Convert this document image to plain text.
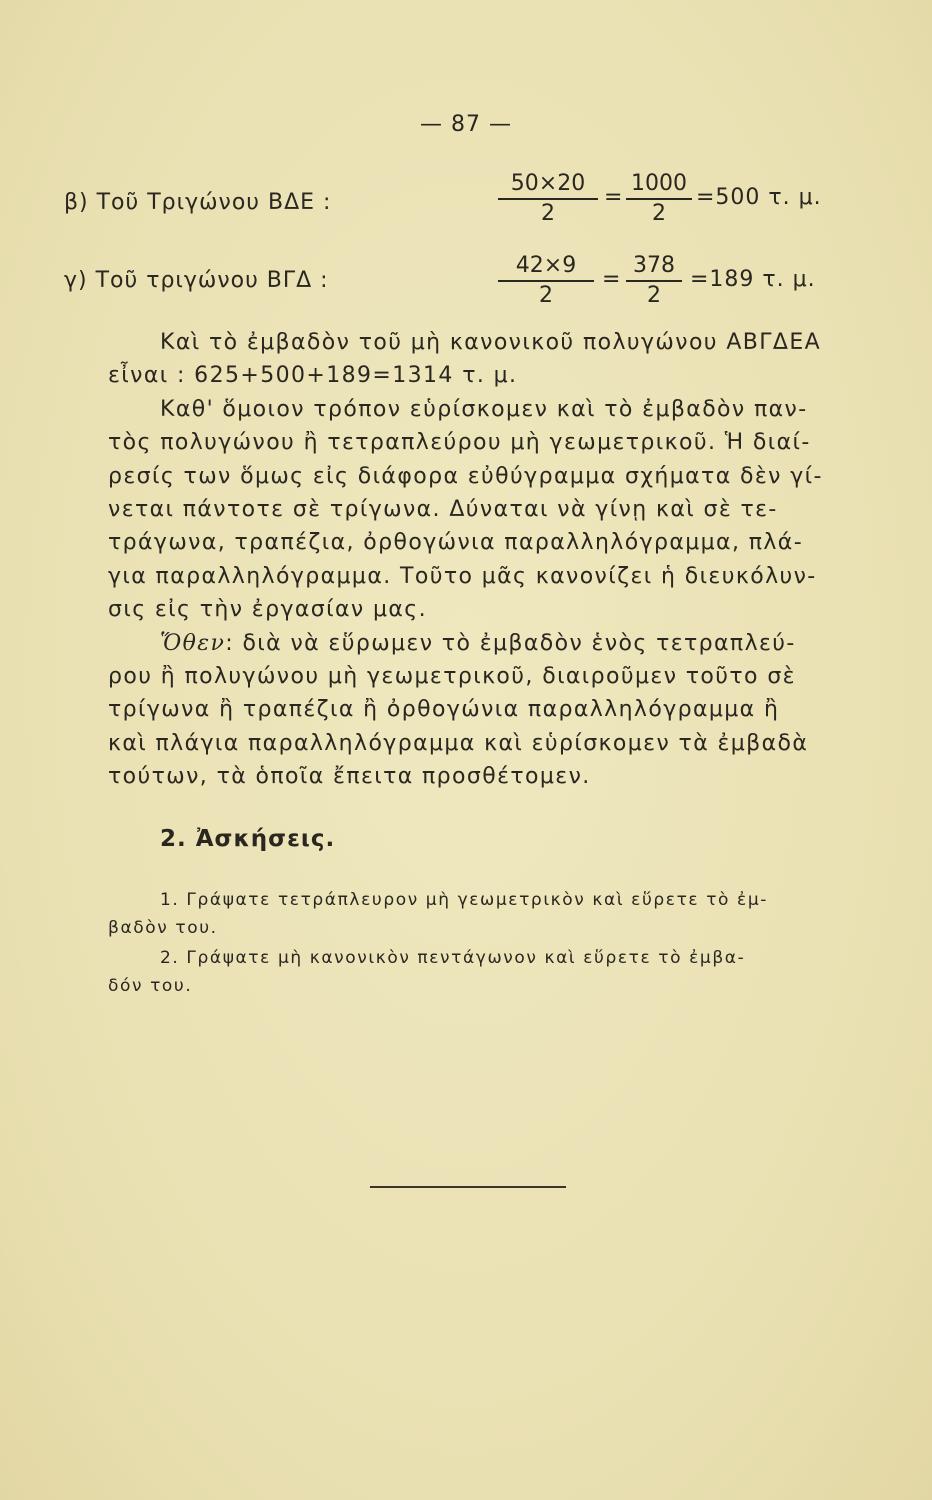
— 87 —
β) Τοῦ Τριγώνου ΒΔΕ :
50×20
2
=
1000
2
=500 τ. μ.
γ) Τοῦ τριγώνου ΒΓΔ :
42×9
2
=
378
2
=189 τ. μ.
Καὶ τὸ ἐμβαδὸν τοῦ μὴ κανονικοῦ πολυγώνου ΑΒΓΔΕΑ
εἶναι : 625+500+189=1314 τ. μ.
Καθ' ὅμοιον τρόπον εὑρίσκομεν καὶ τὸ ἐμβαδὸν παν-
τὸς πολυγώνου ἢ τετραπλεύρου μὴ γεωμετρικοῦ. Ἡ διαί-
ρεσίς των ὅμως εἰς διάφορα εὐθύγραμμα σχήματα δὲν γί-
νεται πάντοτε σὲ τρίγωνα. Δύναται νὰ γίνῃ καὶ σὲ τε-
τράγωνα, τραπέζια, ὀρθογώνια παραλληλόγραμμα, πλά-
για παραλληλόγραμμα. Τοῦτο μᾶς κανονίζει ἡ διευκόλυν-
σις εἰς τὴν ἐργασίαν μας.
Ὅθεν: διὰ νὰ εὕρωμεν τὸ ἐμβαδὸν ἑνὸς τετραπλεύ-
ρου ἢ πολυγώνου μὴ γεωμετρικοῦ, διαιροῦμεν τοῦτο σὲ
τρίγωνα ἢ τραπέζια ἢ ὀρθογώνια παραλληλόγραμμα ἢ
καὶ πλάγια παραλληλόγραμμα καὶ εὑρίσκομεν τὰ ἐμβαδὰ
τούτων, τὰ ὁποῖα ἔπειτα προσθέτομεν.
2. Ἀσκήσεις.
1. Γράψατε τετράπλευρον μὴ γεωμετρικὸν καὶ εὕρετε τὸ ἐμ-
βαδὸν του.
2. Γράψατε μὴ κανονικὸν πεντάγωνον καὶ εὕρετε τὸ ἐμβα-
δόν του.
